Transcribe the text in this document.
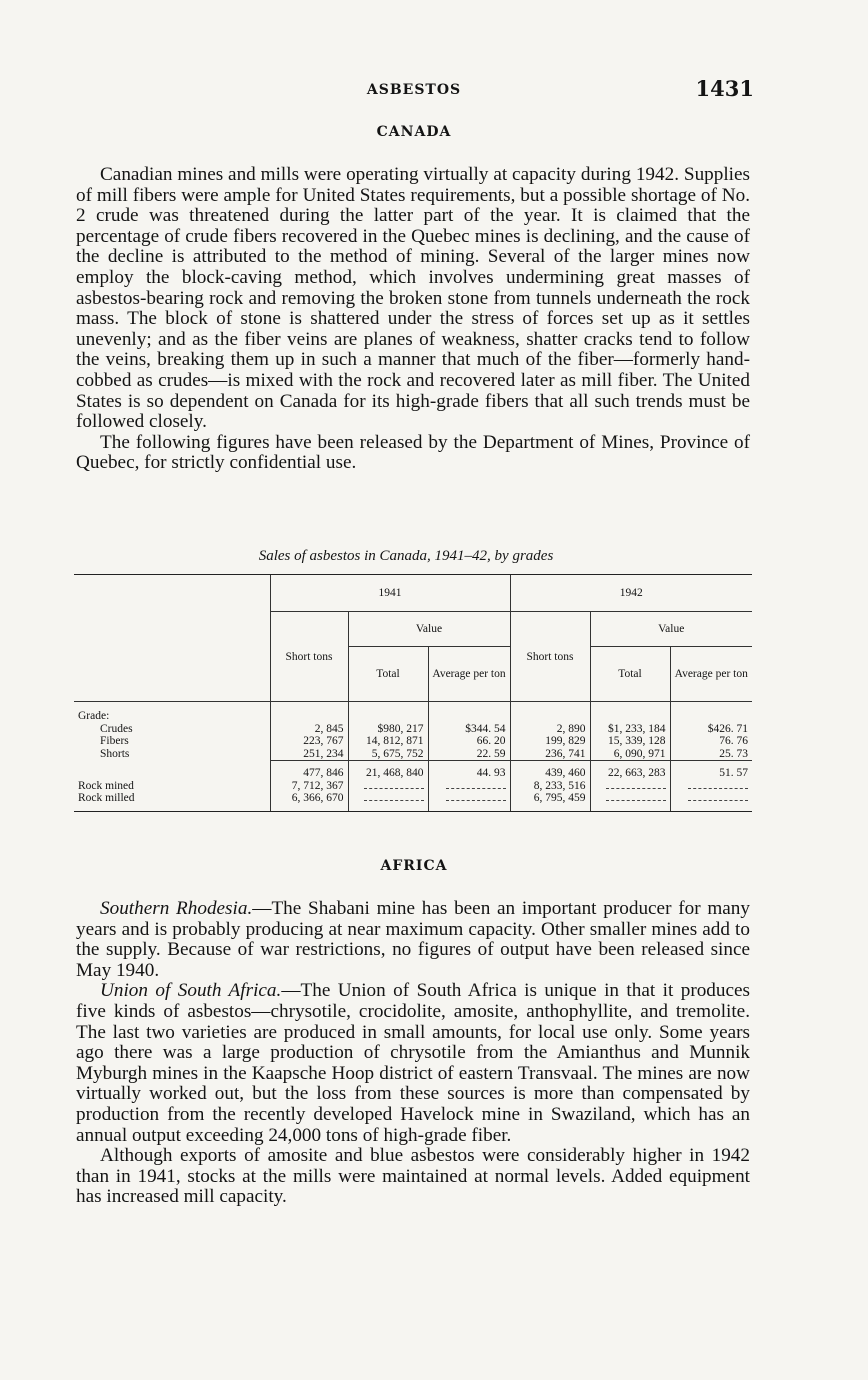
ASBESTOS	1431
CANADA

Canadian mines and mills were operating virtually at capacity during 1942. Supplies of mill fibers were ample for United States requirements, but a possible shortage of No. 2 crude was threatened during the latter part of the year. It is claimed that the percentage of crude fibers recovered in the Quebec mines is declining, and the cause of the decline is attributed to the method of mining. Several of the larger mines now employ the block-caving method, which involves undermining great masses of asbestos-bearing rock and removing the broken stone from tunnels underneath the rock mass. The block of stone is shattered under the stress of forces set up as it settles unevenly; and as the fiber veins are planes of weakness, shatter cracks tend to follow the veins, breaking them up in such a manner that much of the fiber—formerly hand-cobbed as crudes—is mixed with the rock and recovered later as mill fiber. The United States is so dependent on Canada for its high-grade fibers that all such trends must be followed closely.

The following figures have been released by the Department of Mines, Province of Quebec, for strictly confidential use.

Sales of asbestos in Canada, 1941–42, by grades
	1941			1942		
	Short tons	Value		Short tons	Value	
		Total	Average per ton		Total	Average per ton
Grade:						
Crudes	2, 845	$980, 217	$344. 54	2, 890	$1, 233, 184	$426. 71
Fibers	223, 767	14, 812, 871	66. 20	199, 829	15, 339, 128	76. 76
Shorts	251, 234	5, 675, 752	22. 59	236, 741	6, 090, 971	25. 73
	477, 846	21, 468, 840	44. 93	439, 460	22, 663, 283	51. 57
Rock mined	7, 712, 367			8, 233, 516		
Rock milled	6, 366, 670			6, 795, 459		
AFRICA

Southern Rhodesia.—The Shabani mine has been an important producer for many years and is probably producing at near maximum capacity. Other smaller mines add to the supply. Because of war restrictions, no figures of output have been released since May 1940.

Union of South Africa.—The Union of South Africa is unique in that it produces five kinds of asbestos—chrysotile, crocidolite, amosite, anthophyllite, and tremolite. The last two varieties are produced in small amounts, for local use only. Some years ago there was a large production of chrysotile from the Amianthus and Munnik Myburgh mines in the Kaapsche Hoop district of eastern Transvaal. The mines are now virtually worked out, but the loss from these sources is more than compensated by production from the recently developed Havelock mine in Swaziland, which has an annual output exceeding 24,000 tons of high-grade fiber.

Although exports of amosite and blue asbestos were considerably higher in 1942 than in 1941, stocks at the mills were maintained at normal levels. Added equipment has increased mill capacity.
